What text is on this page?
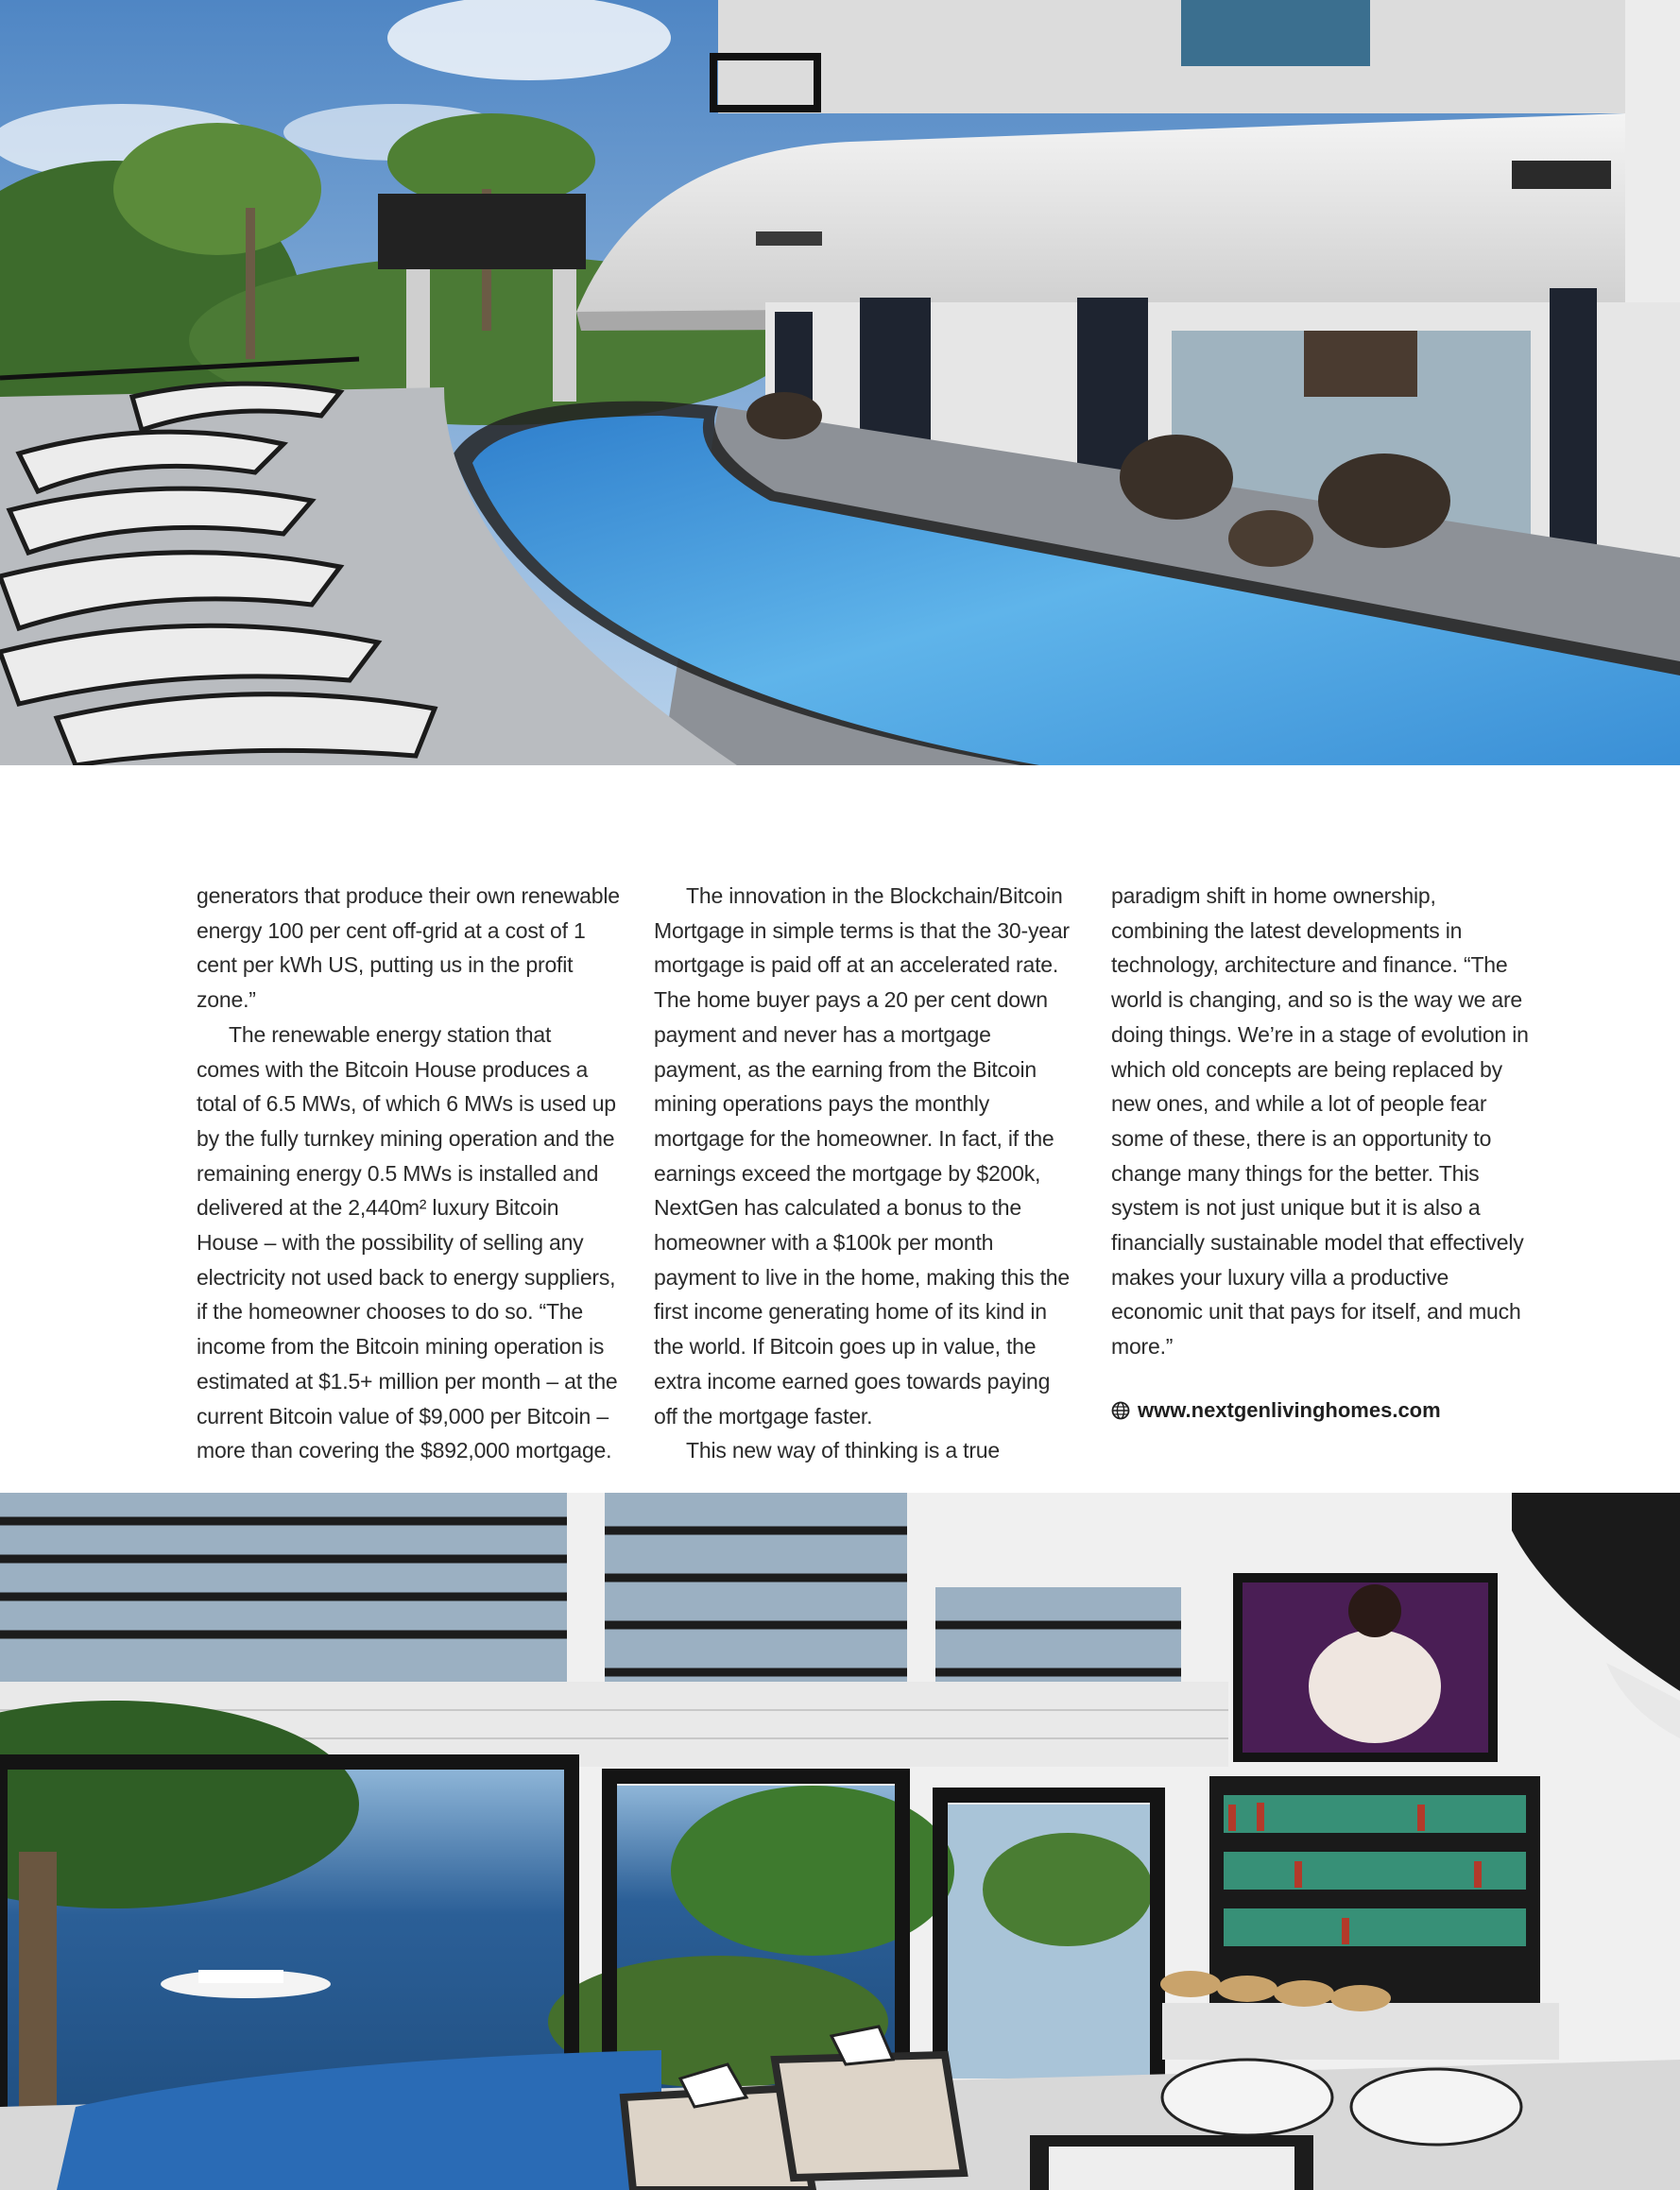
generators that produce their own renewable energy 100 per cent off-grid at a cost of 1 cent per kWh US, putting us in the profit zone.”

The renewable energy station that comes with the Bitcoin House produces a total of 6.5 MWs, of which 6 MWs is used up by the fully turnkey mining operation and the remaining energy 0.5 MWs is installed and delivered at the 2,440m² luxury Bitcoin House – with the possibility of selling any electricity not used back to energy suppliers, if the homeowner chooses to do so. “The income from the Bitcoin mining operation is estimated at $1.5+ million per month – at the current Bitcoin value of $9,000 per Bitcoin – more than covering the $892,000 mortgage.

The innovation in the Blockchain/Bitcoin Mortgage in simple terms is that the 30-year mortgage is paid off at an accelerated rate. The home buyer pays a 20 per cent down payment and never has a mortgage payment, as the earning from the Bitcoin mining operations pays the monthly mortgage for the homeowner. In fact, if the earnings exceed the mortgage by $200k, NextGen has calculated a bonus to the homeowner with a $100k per month payment to live in the home, making this the first income generating home of its kind in the world. If Bitcoin goes up in value, the extra income earned goes towards paying off the mortgage faster.

This new way of thinking is a true

paradigm shift in home ownership, combining the latest developments in technology, architecture and finance. “The world is changing, and so is the way we are doing things. We’re in a stage of evolution in which old concepts are being replaced by new ones, and while a lot of people fear some of these, there is an opportunity to change many things for the better. This system is not just unique but it is also a financially sustainable model that effectively makes your luxury villa a productive economic unit that pays for itself, and much more.”

www.nextgenlivinghomes.com
